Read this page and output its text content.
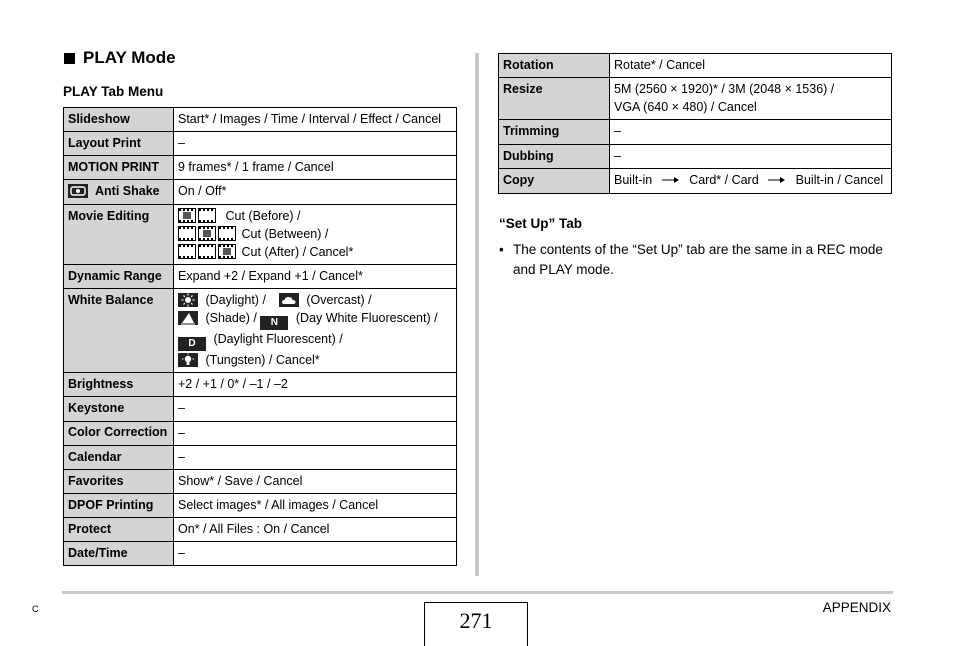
PLAY Mode
PLAY Tab Menu
Slideshow	Start* / Images / Time / Interval / Effect / Cancel
Layout Print	–
MOTION PRINT	9 frames* / 1 frame / Cancel
Anti Shake	On / Off*
Movie Editing	Cut (Before) /
Cut (Between) /
Cut (After) / Cancel*

Dynamic Range	Expand +2 / Expand +1 / Cancel*
White Balance	(Daylight) / (Overcast) /
(Shade) / N (Day White Fluorescent) /
D (Daylight Fluorescent) /
(Tungsten) / Cancel*

Brightness	+2 / +1 / 0* / –1 / –2
Keystone	–
Color Correction	–
Calendar	–
Favorites	Show* / Save / Cancel
DPOF Printing	Select images* / All images / Cancel
Protect	On* / All Files : On / Cancel
Date/Time	–
Rotation	Rotate* / Cancel
Resize	5M (2560 × 1920)* / 3M (2048 × 1536) /
VGA (640 × 480) / Cancel

Trimming	–
Dubbing	–
Copy	Built-in Card* / Card Built-in / Cancel
“Set Up” Tab
• The contents of the “Set Up” tab are the same in a REC mode and PLAY mode.
C	271
APPENDIX
